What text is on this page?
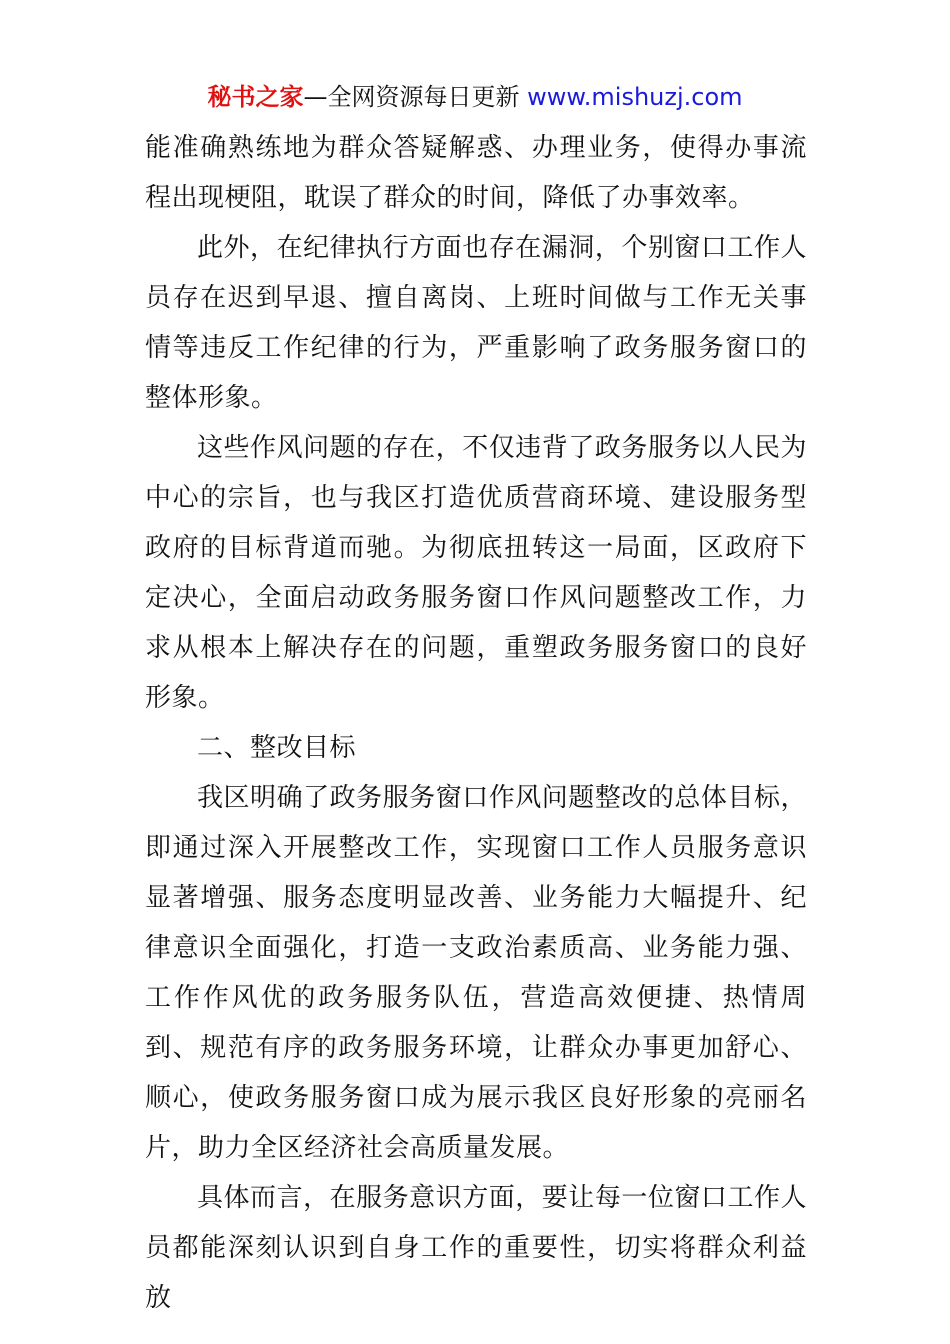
秘书之家—全网资源每日更新 www.mishuzj.com

能准确熟练地为群众答疑解惑、办理业务，使得办事流程出现梗阻，耽误了群众的时间，降低了办事效率。

此外，在纪律执行方面也存在漏洞，个别窗口工作人员存在迟到早退、擅自离岗、上班时间做与工作无关事情等违反工作纪律的行为，严重影响了政务服务窗口的整体形象。

这些作风问题的存在，不仅违背了政务服务以人民为中心的宗旨，也与我区打造优质营商环境、建设服务型政府的目标背道而驰。为彻底扭转这一局面，区政府下定决心，全面启动政务服务窗口作风问题整改工作，力求从根本上解决存在的问题，重塑政务服务窗口的良好形象。

二、整改目标

我区明确了政务服务窗口作风问题整改的总体目标，即通过深入开展整改工作，实现窗口工作人员服务意识显著增强、服务态度明显改善、业务能力大幅提升、纪律意识全面强化，打造一支政治素质高、业务能力强、工作作风优的政务服务队伍，营造高效便捷、热情周到、规范有序的政务服务环境，让群众办事更加舒心、顺心，使政务服务窗口成为展示我区良好形象的亮丽名片，助力全区经济社会高质量发展。

具体而言，在服务意识方面，要让每一位窗口工作人员都能深刻认识到自身工作的重要性，切实将群众利益放
